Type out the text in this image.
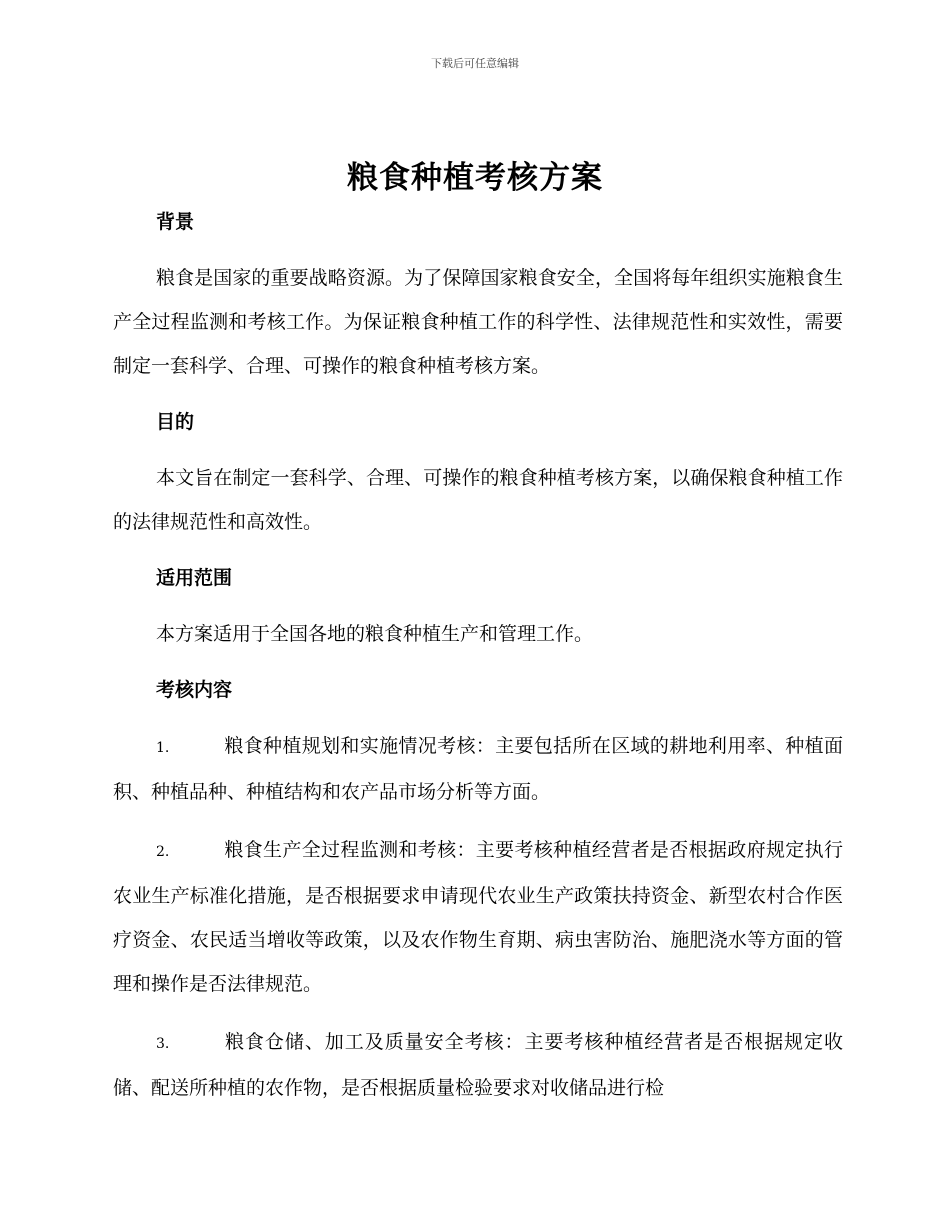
下载后可任意编辑
粮食种植考核方案
背景

粮食是国家的重要战略资源。为了保障国家粮食安全，全国将每年组织实施粮食生产全过程监测和考核工作。为保证粮食种植工作的科学性、法律规范性和实效性，需要制定一套科学、合理、可操作的粮食种植考核方案。

目的

本文旨在制定一套科学、合理、可操作的粮食种植考核方案，以确保粮食种植工作的法律规范性和高效性。

适用范围

本方案适用于全国各地的粮食种植生产和管理工作。

考核内容

1.	粮食种植规划和实施情况考核：主要包括所在区域的耕地利用率、种植面积、种植品种、种植结构和农产品市场分析等方面。

2.	粮食生产全过程监测和考核：主要考核种植经营者是否根据政府规定执行农业生产标准化措施，是否根据要求申请现代农业生产政策扶持资金、新型农村合作医疗资金、农民适当增收等政策，以及农作物生育期、病虫害防治、施肥浇水等方面的管理和操作是否法律规范。

3.	粮食仓储、加工及质量安全考核：主要考核种植经营者是否根据规定收储、配送所种植的农作物，是否根据质量检验要求对收储品进行检
